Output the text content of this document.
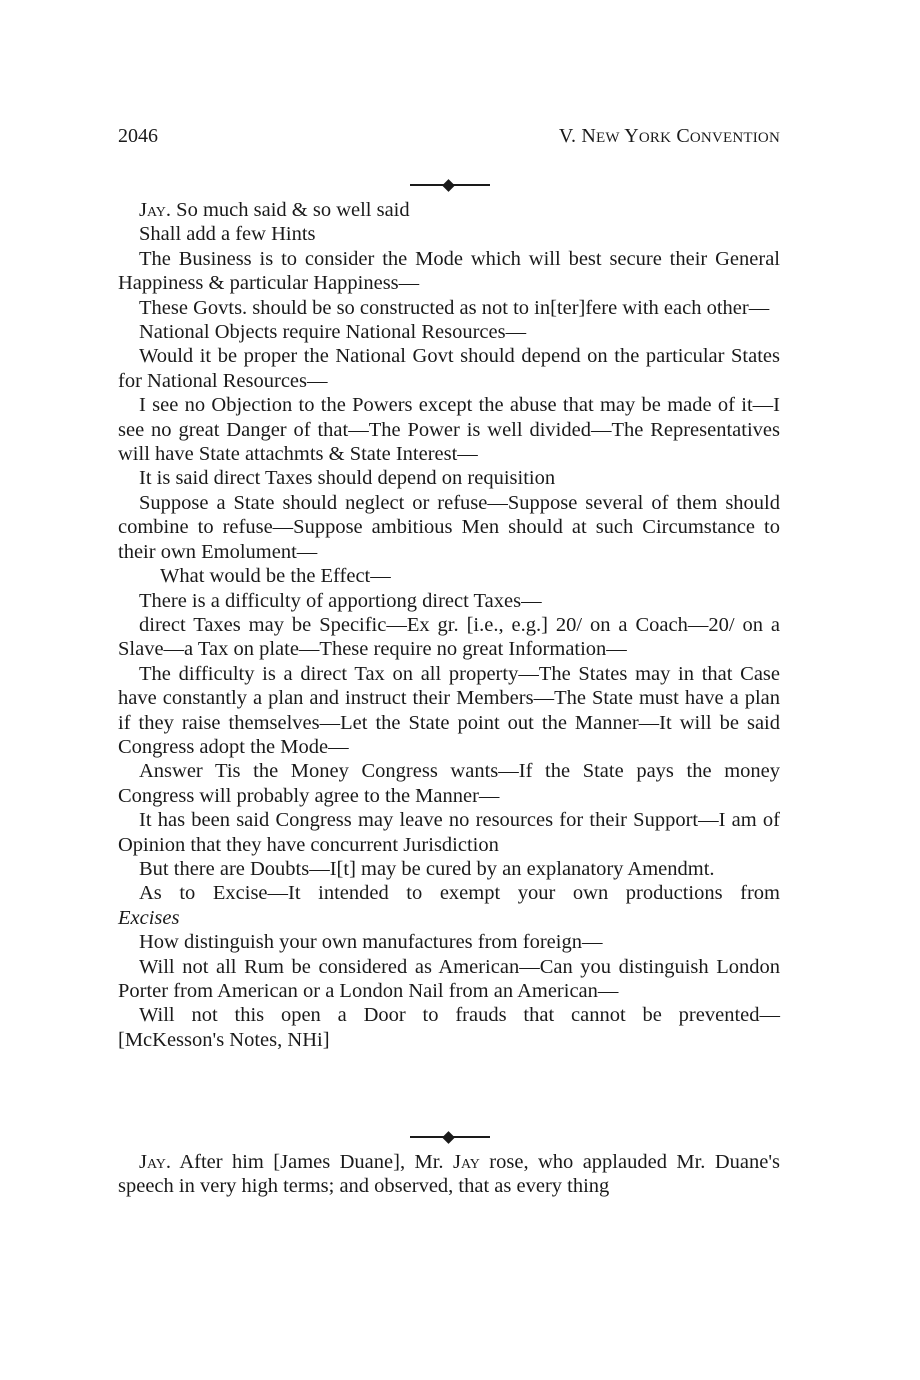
2046	V. NEW YORK CONVENTION

Jay. So much said & so well said

Shall add a few Hints

The Business is to consider the Mode which will best secure their General Happiness & particular Happiness—

These Govts. should be so constructed as not to in[ter]fere with each other—

National Objects require National Resources—

Would it be proper the National Govt should depend on the particular States for National Resources—

I see no Objection to the Powers except the abuse that may be made of it—I see no great Danger of that—The Power is well divided—The Representatives will have State attachmts & State Interest—

It is said direct Taxes should depend on requisition

Suppose a State should neglect or refuse—Suppose several of them should combine to refuse—Suppose ambitious Men should at such Circumstance to their own Emolument—

What would be the Effect—

There is a difficulty of apportiong direct Taxes—

direct Taxes may be Specific—Ex gr. [i.e., e.g.] 20/ on a Coach—20/ on a Slave—a Tax on plate—These require no great Information—

The difficulty is a direct Tax on all property—The States may in that Case have constantly a plan and instruct their Members—The State must have a plan if they raise themselves—Let the State point out the Manner—It will be said Congress adopt the Mode—

Answer Tis the Money Congress wants—If the State pays the money Congress will probably agree to the Manner—

It has been said Congress may leave no resources for their Support—I am of Opinion that they have concurrent Jurisdiction

But there are Doubts—I[t] may be cured by an explanatory Amendmt.

As to Excise—It intended to exempt your own productions from

Excises

How distinguish your own manufactures from foreign—

Will not all Rum be considered as American—Can you distinguish London Porter from American or a London Nail from an American—

Will not this open a Door to frauds that cannot be prevented—

[McKesson's Notes, NHi]

Jay. After him [James Duane], Mr. Jay rose, who applauded Mr. Duane's speech in very high terms; and observed, that as every thing
